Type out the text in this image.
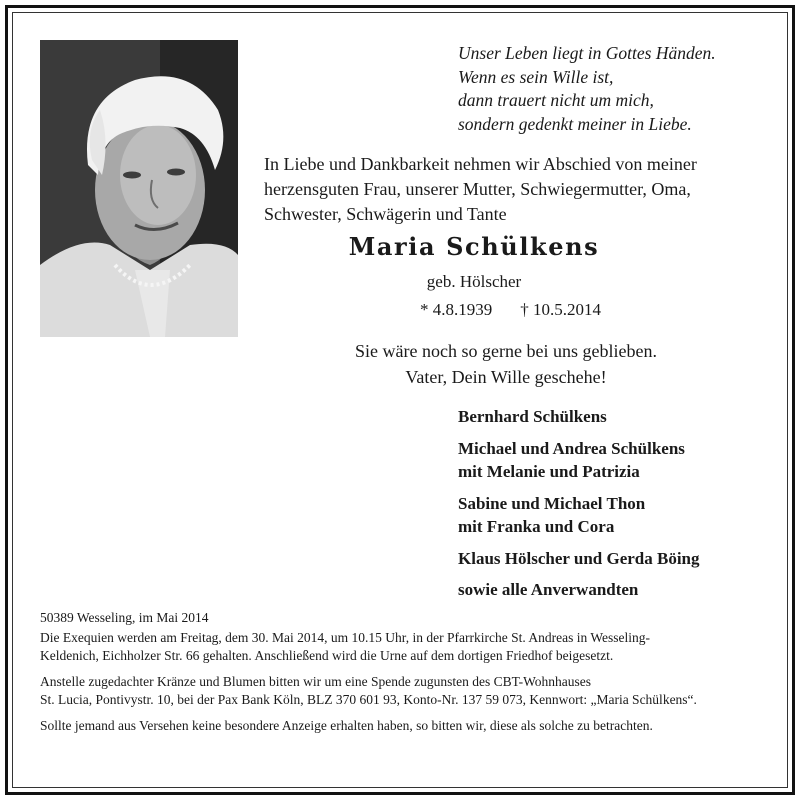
Unser Leben liegt in Gottes Händen.
Wenn es sein Wille ist,
dann trauert nicht um mich,
sondern gedenkt meiner in Liebe.
In Liebe und Dankbarkeit nehmen wir Abschied von meiner
herzensguten Frau, unserer Mutter, Schwiegermutter, Oma,
Schwester, Schwägerin und Tante
Maria Schülkens
geb. Hölscher
* 4.8.1939 † 10.5.2014
Sie wäre noch so gerne bei uns geblieben.
Vater, Dein Wille geschehe!
Bernhard Schülkens
Michael und Andrea Schülkens
mit Melanie und Patrizia
Sabine und Michael Thon
mit Franka und Cora
Klaus Hölscher und Gerda Böing
sowie alle Anverwandten

50389 Wesseling, im Mai 2014

Die Exequien werden am Freitag, dem 30. Mai 2014, um 10.15 Uhr, in der Pfarrkirche St. Andreas in Wesseling-
Keldenich, Eichholzer Str. 66 gehalten. Anschließend wird die Urne auf dem dortigen Friedhof beigesetzt.

Anstelle zugedachter Kränze und Blumen bitten wir um eine Spende zugunsten des CBT-Wohnhauses
St. Lucia, Pontivystr. 10, bei der Pax Bank Köln, BLZ 370 601 93, Konto-Nr. 137 59 073, Kennwort: „Maria Schülkens“.

Sollte jemand aus Versehen keine besondere Anzeige erhalten haben, so bitten wir, diese als solche zu betrachten.
